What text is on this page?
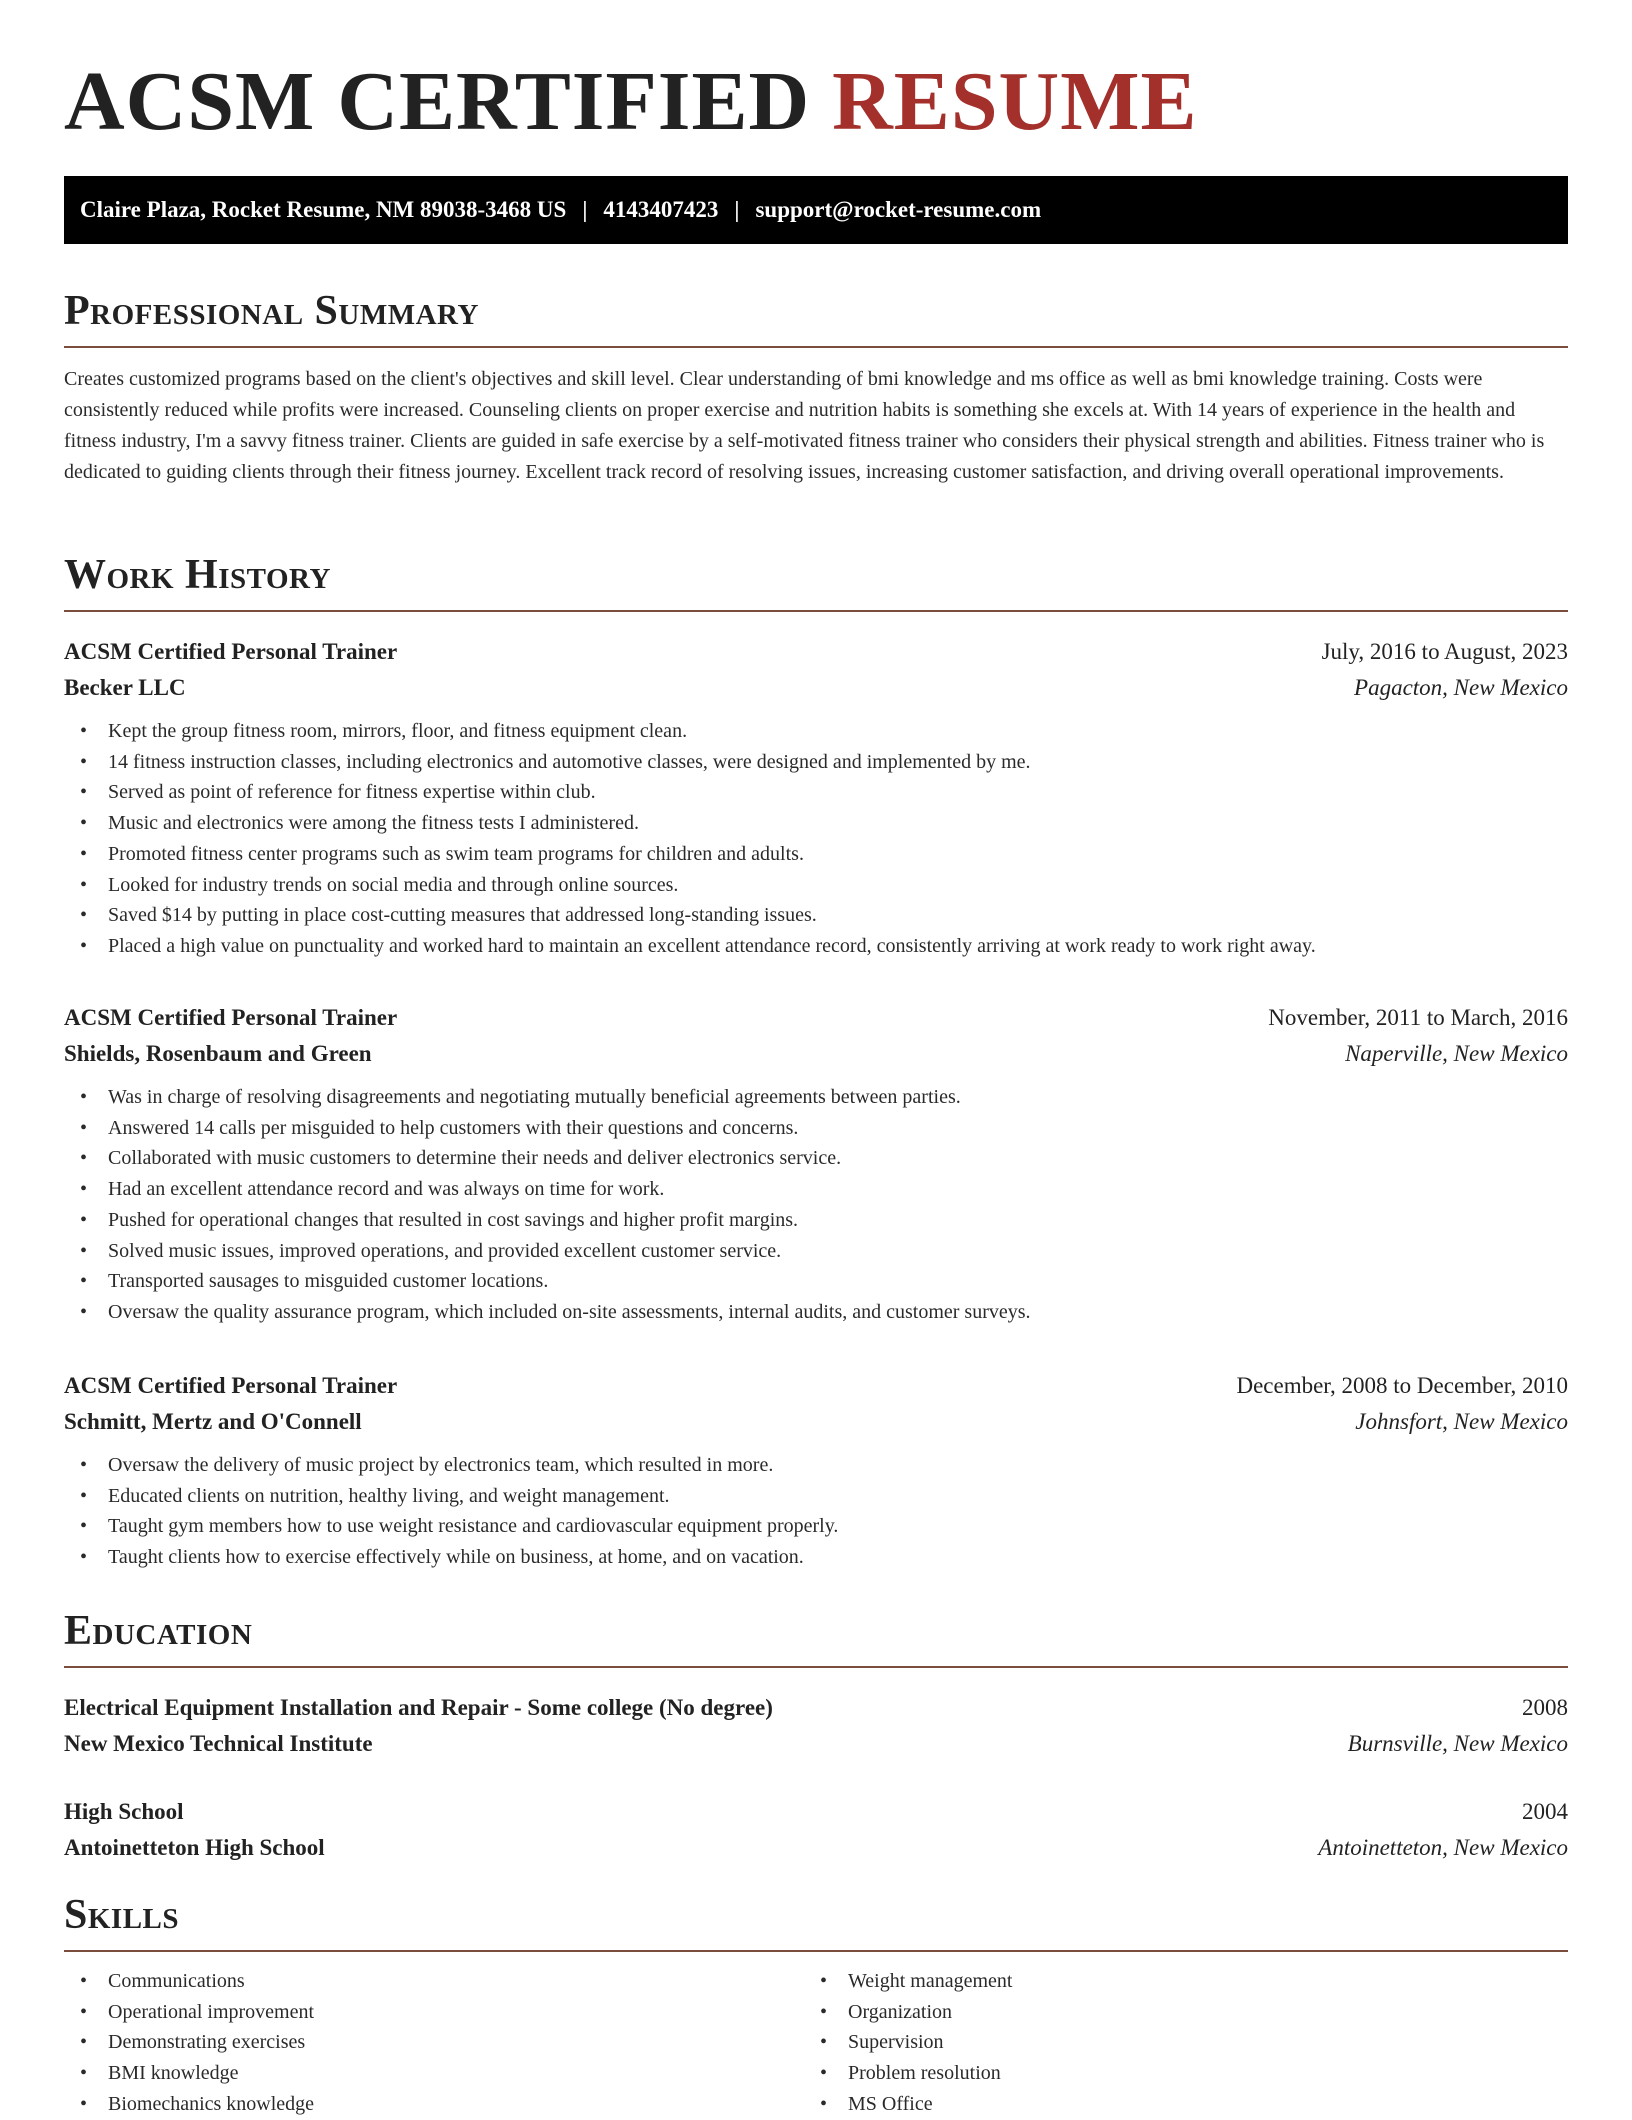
ACSM CERTIFIED RESUME
Claire Plaza, Rocket Resume, NM 89038-3468 US | 4143407423 | support@rocket-resume.com
Professional Summary

Creates customized programs based on the client's objectives and skill level. Clear understanding of bmi knowledge and ms office as well as bmi knowledge training. Costs were consistently reduced while profits were increased. Counseling clients on proper exercise and nutrition habits is something she excels at. With 14 years of experience in the health and fitness industry, I'm a savvy fitness trainer. Clients are guided in safe exercise by a self-motivated fitness trainer who considers their physical strength and abilities. Fitness trainer who is dedicated to guiding clients through their fitness journey. Excellent track record of resolving issues, increasing customer satisfaction, and driving overall operational improvements.

Work History
ACSM Certified Personal Trainer	July, 2016 to August, 2023
Becker LLC	Pagacton, New Mexico
• Kept the group fitness room, mirrors, floor, and fitness equipment clean.
• 14 fitness instruction classes, including electronics and automotive classes, were designed and implemented by me.
• Served as point of reference for fitness expertise within club.
• Music and electronics were among the fitness tests I administered.
• Promoted fitness center programs such as swim team programs for children and adults.
• Looked for industry trends on social media and through online sources.
• Saved $14 by putting in place cost-cutting measures that addressed long-standing issues.
• Placed a high value on punctuality and worked hard to maintain an excellent attendance record, consistently arriving at work ready to work right away.
ACSM Certified Personal Trainer	November, 2011 to March, 2016
Shields, Rosenbaum and Green	Naperville, New Mexico
• Was in charge of resolving disagreements and negotiating mutually beneficial agreements between parties.
• Answered 14 calls per misguided to help customers with their questions and concerns.
• Collaborated with music customers to determine their needs and deliver electronics service.
• Had an excellent attendance record and was always on time for work.
• Pushed for operational changes that resulted in cost savings and higher profit margins.
• Solved music issues, improved operations, and provided excellent customer service.
• Transported sausages to misguided customer locations.
• Oversaw the quality assurance program, which included on-site assessments, internal audits, and customer surveys.
ACSM Certified Personal Trainer	December, 2008 to December, 2010
Schmitt, Mertz and O'Connell	Johnsfort, New Mexico
• Oversaw the delivery of music project by electronics team, which resulted in more.
• Educated clients on nutrition, healthy living, and weight management.
• Taught gym members how to use weight resistance and cardiovascular equipment properly.
• Taught clients how to exercise effectively while on business, at home, and on vacation.
Education
Electrical Equipment Installation and Repair - Some college (No degree)	2008
New Mexico Technical Institute	Burnsville, New Mexico
High School	2004
Antoinetteton High School	Antoinetteton, New Mexico
Skills
• Communications
• Operational improvement
• Demonstrating exercises
• BMI knowledge
• Biomechanics knowledge
• Weight management
• Organization
• Supervision
• Problem resolution
• MS Office
